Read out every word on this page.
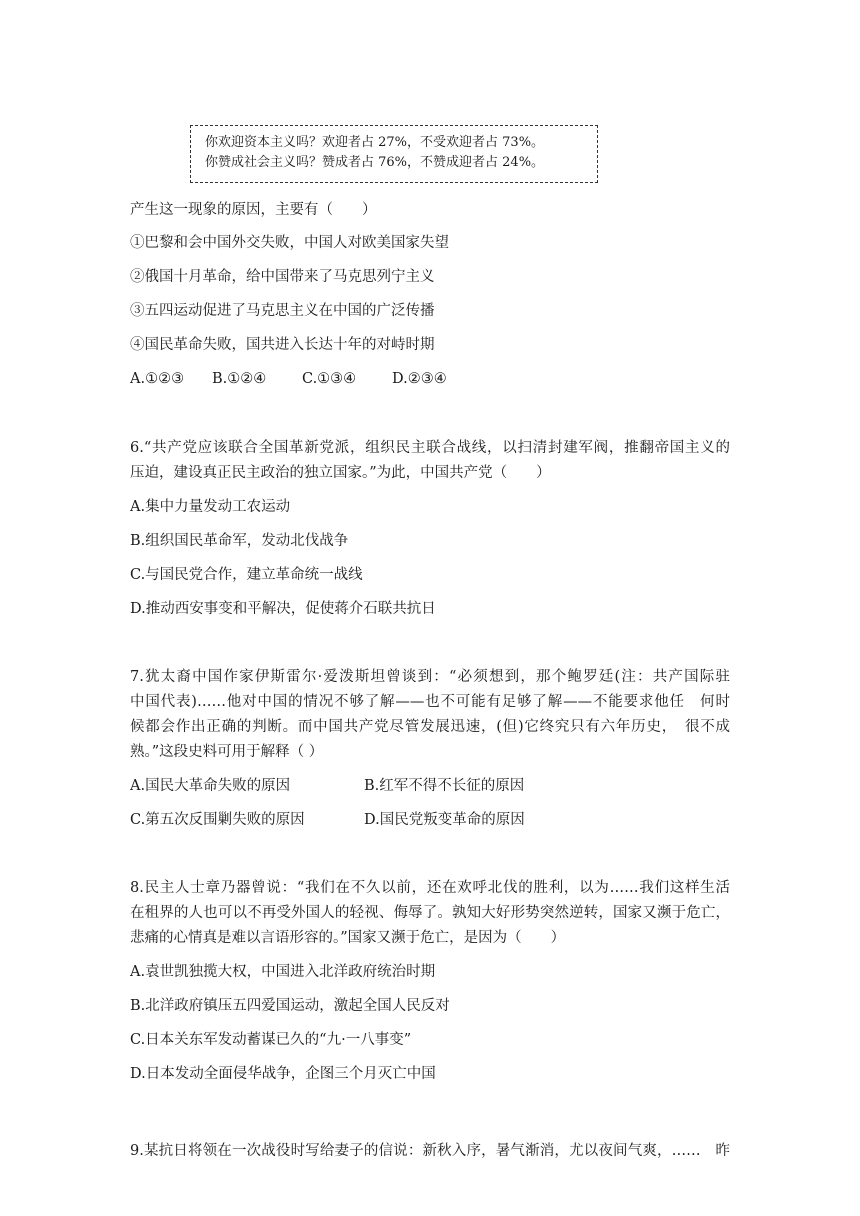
你欢迎资本主义吗？欢迎者占 27%，不受欢迎者占 73%。
你赞成社会主义吗？赞成者占 76%，不赞成迎者占 24%。
产生这一现象的原因，主要有（　　）
①巴黎和会中国外交失败，中国人对欧美国家失望
②俄国十月革命，给中国带来了马克思列宁主义
③五四运动促进了马克思主义在中国的广泛传播
④国民革命失败，国共进入长达十年的对峙时期
A.①②③ B.①②④ C.①③④ D.②③④
6.“共产党应该联合全国革新党派，组织民主联合战线，以扫清封建军阀，推翻帝国主义的
压迫，建设真正民主政治的独立国家。”为此，中国共产党（　　）
A.集中力量发动工农运动
B.组织国民革命军，发动北伐战争
C.与国民党合作，建立革命统一战线
D.推动西安事变和平解决，促使蒋介石联共抗日
7.犹太裔中国作家伊斯雷尔·爱泼斯坦曾谈到：“必须想到，那个鲍罗廷(注：共产国际驻
中国代表)……他对中国的情况不够了解——也不可能有足够了解——不能要求他任　何时
候都会作出正确的判断。而中国共产党尽管发展迅速，(但)它终究只有六年历史，　很不成
熟。”这段史料可用于解释（ ）
A.国民大革命失败的原因	B.红军不得不长征的原因
C.第五次反围剿失败的原因	D.国民党叛变革命的原因
8.民主人士章乃器曾说：“我们在不久以前，还在欢呼北伐的胜利，以为……我们这样生活
在租界的人也可以不再受外国人的轻视、侮辱了。孰知大好形势突然逆转，国家又濒于危亡，
悲痛的心情真是难以言语形容的。”国家又濒于危亡，是因为（　　）
A.袁世凯独揽大权，中国进入北洋政府统治时期
B.北洋政府镇压五四爱国运动，激起全国人民反对
C.日本关东军发动蓄谋已久的“九·一八事变”
D.日本发动全面侵华战争，企图三个月灭亡中国
9.某抗日将领在一次战役时写给妻子的信说：新秋入序，暑气渐消，尤以夜间气爽，……　昨
